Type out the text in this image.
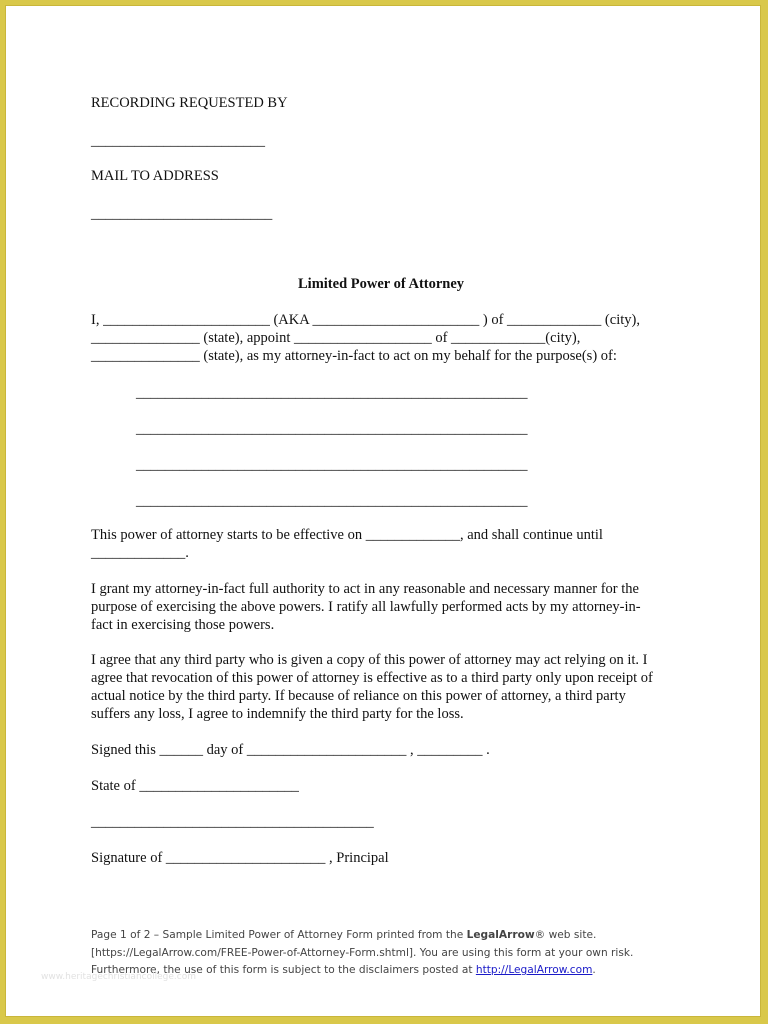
RECORDING REQUESTED BY

________________________

MAIL TO ADDRESS

_________________________

Limited Power of Attorney

I, _______________________ (AKA _______________________ ) of _____________ (city),

_______________ (state), appoint ___________________ of _____________(city),

_______________ (state), as my attorney-in-fact to act on my behalf for the purpose(s) of:

______________________________________________________

______________________________________________________

______________________________________________________

______________________________________________________

This power of attorney starts to be effective on _____________, and shall continue until

_____________.

I grant my attorney-in-fact full authority to act in any reasonable and necessary manner for the

purpose of exercising the above powers. I ratify all lawfully performed acts by my attorney-in-

fact in exercising those powers.

I agree that any third party who is given a copy of this power of attorney may act relying on it. I

agree that revocation of this power of attorney is effective as to a third party only upon receipt of

actual notice by the third party. If because of reliance on this power of attorney, a third party

suffers any loss, I agree to indemnify the third party for the loss.

Signed this ______ day of ______________________ , _________ .

State of ______________________

_______________________________________

Signature of ______________________ , Principal

Page 1 of 2 – Sample Limited Power of Attorney Form printed from the LegalArrow® web site.
[https://LegalArrow.com/FREE-Power-of-Attorney-Form.shtml]. You are using this form at your own risk.
Furthermore, the use of this form is subject to the disclaimers posted at http://LegalArrow.com.
www.heritagechristiancollege.com
